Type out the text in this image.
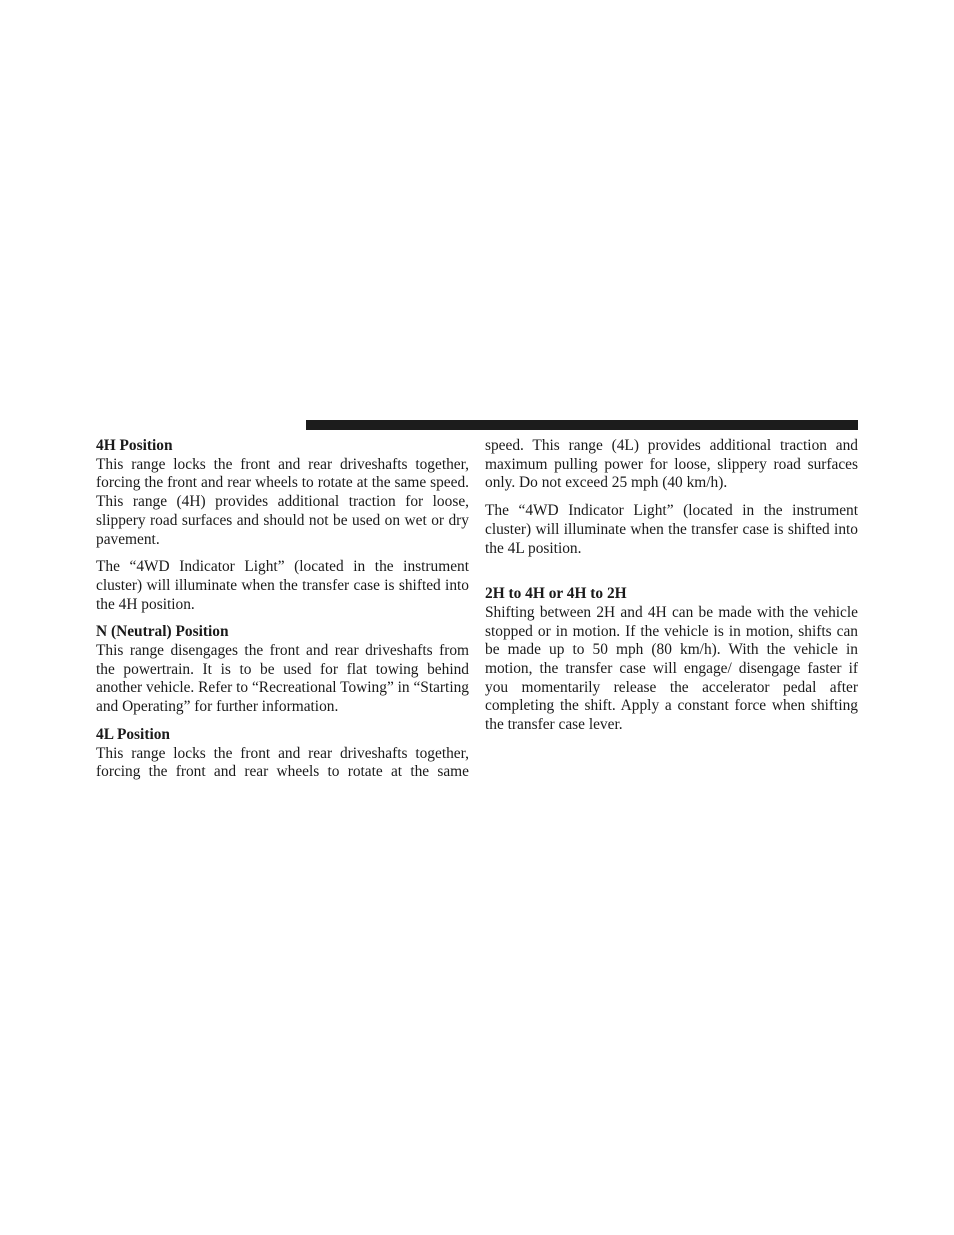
4H Position

This range locks the front and rear driveshafts together, forcing the front and rear wheels to rotate at the same speed. This range (4H) provides additional traction for loose, slippery road surfaces and should not be used on wet or dry pavement.

The “4WD Indicator Light” (located in the instrument cluster) will illuminate when the transfer case is shifted into the 4H position.

N (Neutral) Position

This range disengages the front and rear driveshafts from the powertrain. It is to be used for flat towing behind another vehicle. Refer to “Recreational Towing” in “Starting and Operating” for further information.

4L Position

This range locks the front and rear driveshafts together, forcing the front and rear wheels to rotate at the same

speed. This range (4L) provides additional traction and maximum pulling power for loose, slippery road surfaces only. Do not exceed 25 mph (40 km/h).

The “4WD Indicator Light” (located in the instrument cluster) will illuminate when the transfer case is shifted into the 4L position.

2H to 4H or 4H to 2H

Shifting between 2H and 4H can be made with the vehicle stopped or in motion. If the vehicle is in motion, shifts can be made up to 50 mph (80 km/h). With the vehicle in motion, the transfer case will engage/ disengage faster if you momentarily release the accelerator pedal after completing the shift. Apply a constant force when shifting the transfer case lever.
